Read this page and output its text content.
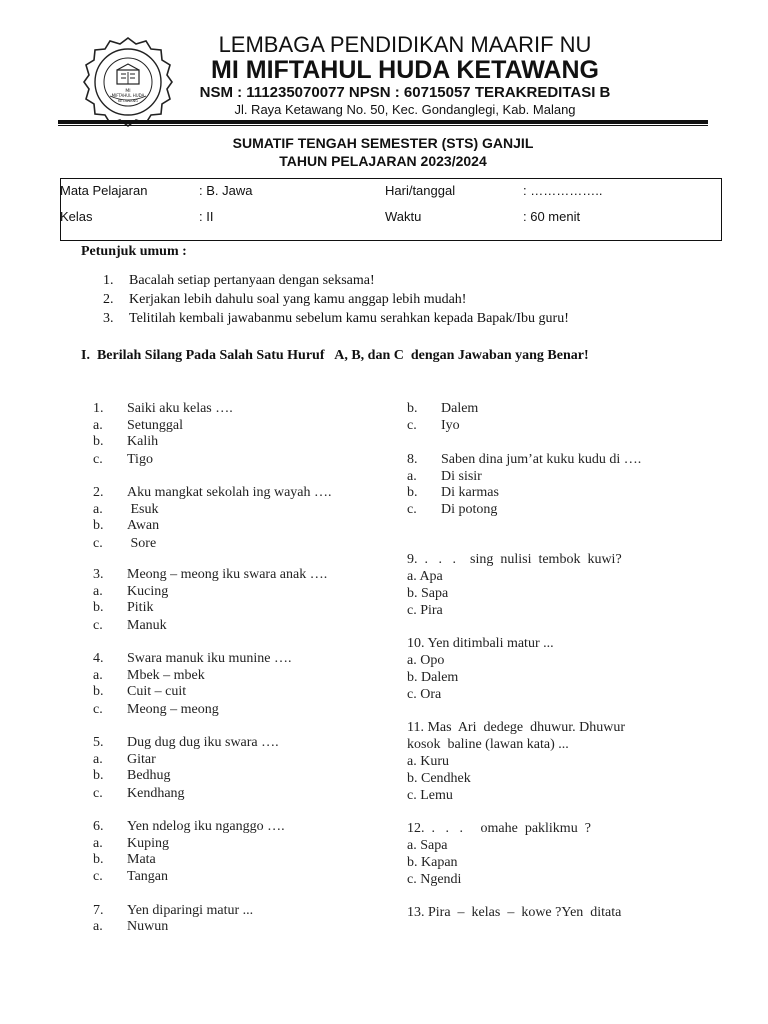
MI
MIFTAHUL HUDA
KETAWANG
LEMBAGA PENDIDIKAN MAARIF NU
MI MIFTAHUL HUDA KETAWANG
NSM : 111235070077 NPSN : 60715057 TERAKREDITASI B
Jl. Raya Ketawang No. 50, Kec. Gondanglegi, Kab. Malang
SUMATIF TENGAH SEMESTER (STS) GANJIL
TAHUN PELAJARAN 2023/2024
Mata Pelajaran	: B. Jawa	Hari/tanggal	: ……………..
Kelas	: II	Waktu	: 60 menit
Petunjuk umum :
1.	Bacalah setiap pertanyaan dengan seksama!
2.	Kerjakan lebih dahulu soal yang kamu anggap lebih mudah!
3.	Telitilah kembali jawabanmu sebelum kamu serahkan kepada Bapak/Ibu guru!
I.  Berilah Silang Pada Salah Satu Huruf   A, B, dan C  dengan Jawaban yang Benar!
1. Saiki aku kelas ….
a. Setunggal
b. Kalih
c. Tigo
2. Aku mangkat sekolah ing wayah ….
a. Esuk
b. Awan
c. Sore
3. Meong – meong iku swara anak ….
a. Kucing
b. Pitik
c. Manuk
4. Swara manuk iku munine ….
a. Mbek – mbek
b. Cuit – cuit
c. Meong – meong
5. Dug dug dug iku swara ….
a. Gitar
b. Bedhug
c. Kendhang
6. Yen ndelog iku nganggo ….
a. Kuping
b. Mata
c. Tangan
7. Yen diparingi matur ...
a. Nuwun
b. Dalem
c. Iyo
8. Saben dina jum’at kuku kudu di ….
a. Di sisir
b. Di karmas
c. Di potong
9.  .   .   .    sing  nulisi  tembok  kuwi?
a. Apa
b. Sapa
c. Pira
10. Yen ditimbali matur ...
a. Opo
b. Dalem
c. Ora
11. Mas  Ari  dedege  dhuwur. Dhuwur
kosok  baline (lawan kata) ...
a. Kuru
b. Cendhek
c. Lemu
12.  .   .   .     omahe  paklikmu  ?
a. Sapa
b. Kapan
c. Ngendi
13. Pira  –  kelas  –  kowe ?Yen  ditata
